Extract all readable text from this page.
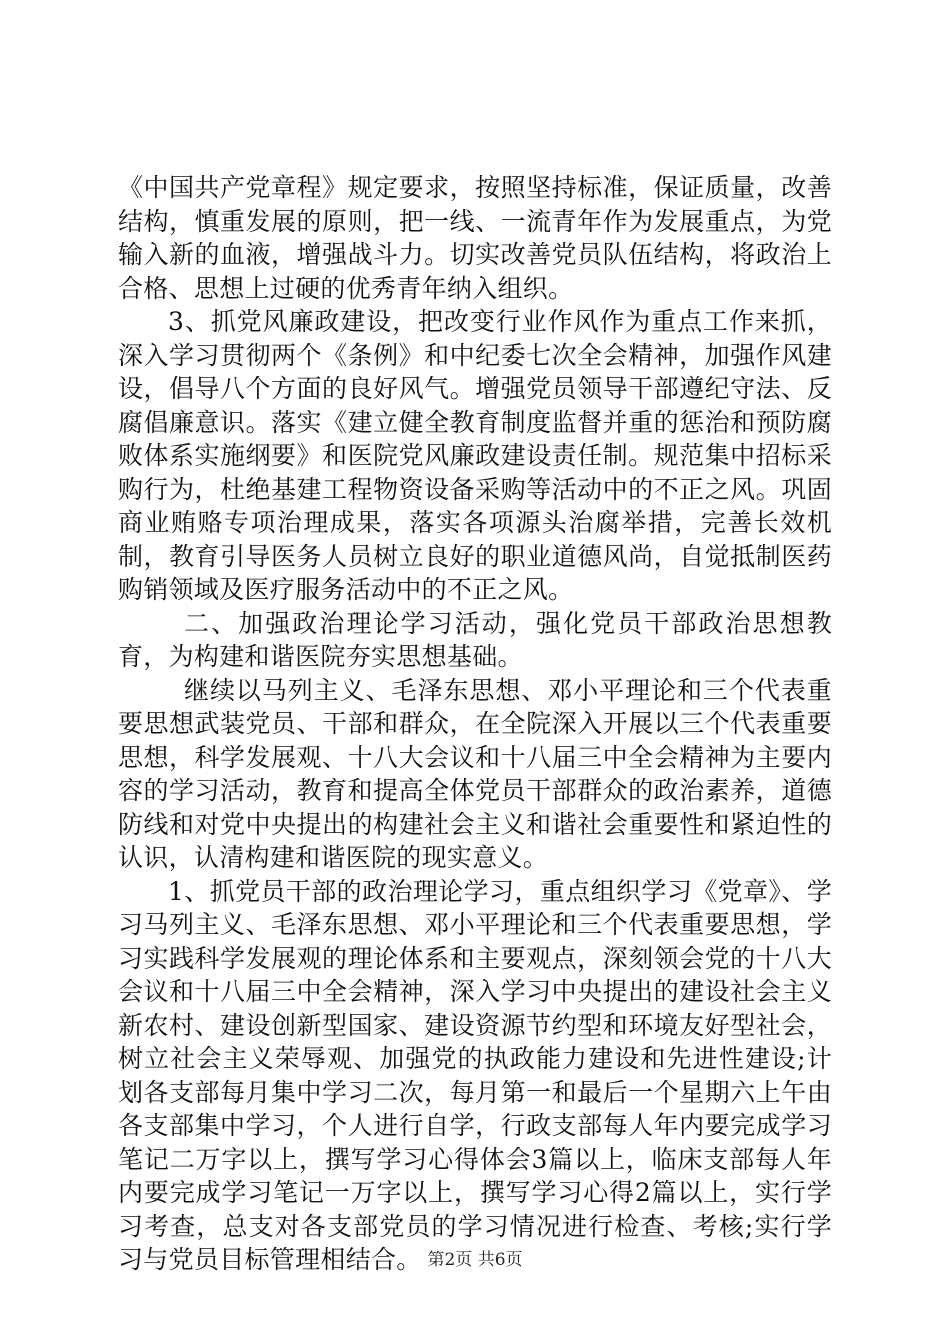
《中国共产党章程》规定要求，按照坚持标准，保证质量，改善结构，慎重发展的原则，把一线、一流青年作为发展重点，为党输入新的血液，增强战斗力。切实改善党员队伍结构，将政治上合格、思想上过硬的优秀青年纳入组织。

3、抓党风廉政建设，把改变行业作风作为重点工作来抓，深入学习贯彻两个《条例》和中纪委七次全会精神，加强作风建设，倡导八个方面的良好风气。增强党员领导干部遵纪守法、反腐倡廉意识。落实《建立健全教育制度监督并重的惩治和预防腐败体系实施纲要》和医院党风廉政建设责任制。规范集中招标采购行为，杜绝基建工程物资设备采购等活动中的不正之风。巩固商业贿赂专项治理成果，落实各项源头治腐举措，完善长效机制，教育引导医务人员树立良好的职业道德风尚，自觉抵制医药购销领域及医疗服务活动中的不正之风。

二、加强政治理论学习活动，强化党员干部政治思想教育，为构建和谐医院夯实思想基础。

继续以马列主义、毛泽东思想、邓小平理论和三个代表重要思想武装党员、干部和群众，在全院深入开展以三个代表重要思想，科学发展观、十八大会议和十八届三中全会精神为主要内容的学习活动，教育和提高全体党员干部群众的政治素养，道德防线和对党中央提出的构建社会主义和谐社会重要性和紧迫性的认识，认清构建和谐医院的现实意义。

1、抓党员干部的政治理论学习，重点组织学习《党章》、学习马列主义、毛泽东思想、邓小平理论和三个代表重要思想，学习实践科学发展观的理论体系和主要观点，深刻领会党的十八大会议和十八届三中全会精神，深入学习中央提出的建设社会主义新农村、建设创新型国家、建设资源节约型和环境友好型社会，树立社会主义荣辱观、加强党的执政能力建设和先进性建设;计划各支部每月集中学习二次，每月第一和最后一个星期六上午由各支部集中学习，个人进行自学，行政支部每人年内要完成学习笔记二万字以上，撰写学习心得体会3篇以上，临床支部每人年内要完成学习笔记一万字以上，撰写学习心得2篇以上，实行学习考查，总支对各支部党员的学习情况进行检查、考核;实行学习与党员目标管理相结合。 第2页 共6页
